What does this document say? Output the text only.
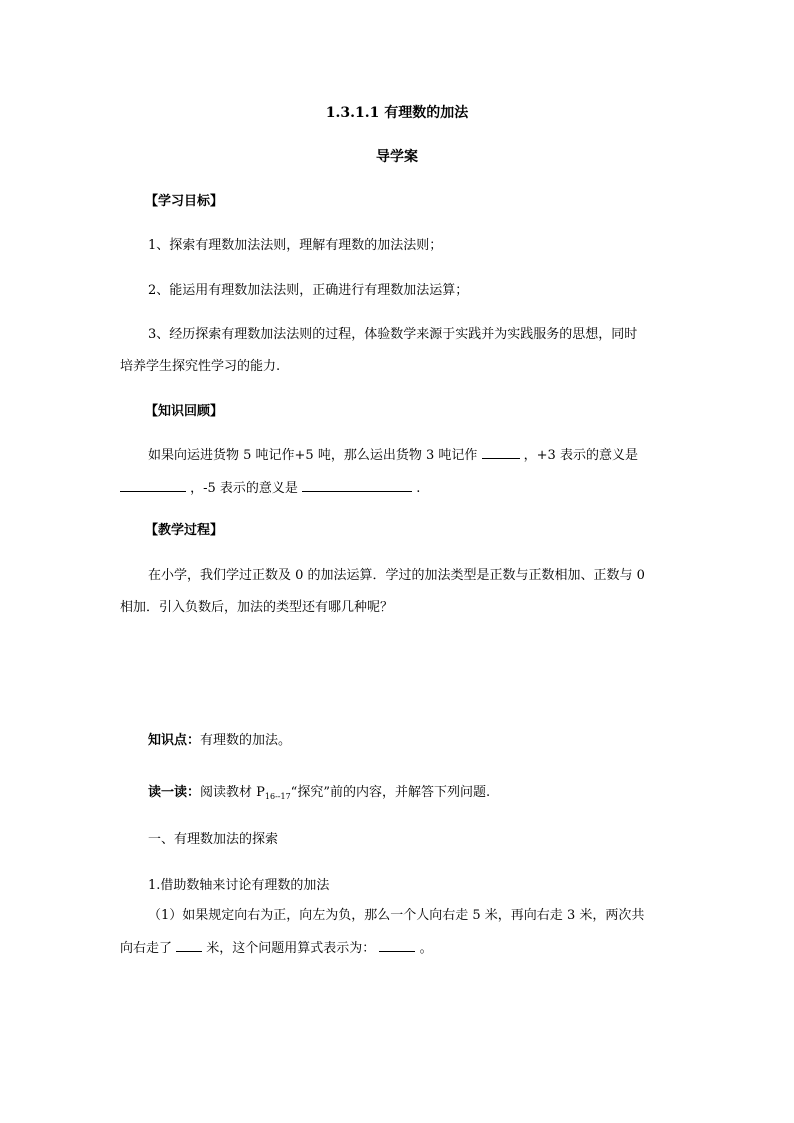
1.3.1.1 有理数的加法
导学案
【学习目标】
1、探索有理数加法法则，理解有理数的加法法则；
2、能运用有理数加法法则，正确进行有理数加法运算；
3、经历探索有理数加法法则的过程，体验数学来源于实践并为实践服务的思想，同时
培养学生探究性学习的能力.
【知识回顾】
如果向运进货物 5 吨记作+5 吨，那么运出货物 3 吨记作	，+3 表示的意义是
，-5 表示的意义是	.
【教学过程】
在小学，我们学过正数及 0 的加法运算．学过的加法类型是正数与正数相加、正数与 0
相加．引入负数后，加法的类型还有哪几种呢？
知识点：有理数的加法。
读一读：阅读教材 $P_{16--17}“$探究”前的内容，并解答下列问题.
一、有理数加法的探索
1.借助数轴来讨论有理数的加法
（1）如果规定向右为正，向左为负，那么一个人向右走 5 米，再向右走 3 米，两次共
向右走了	米，这个问题用算式表示为：	。
